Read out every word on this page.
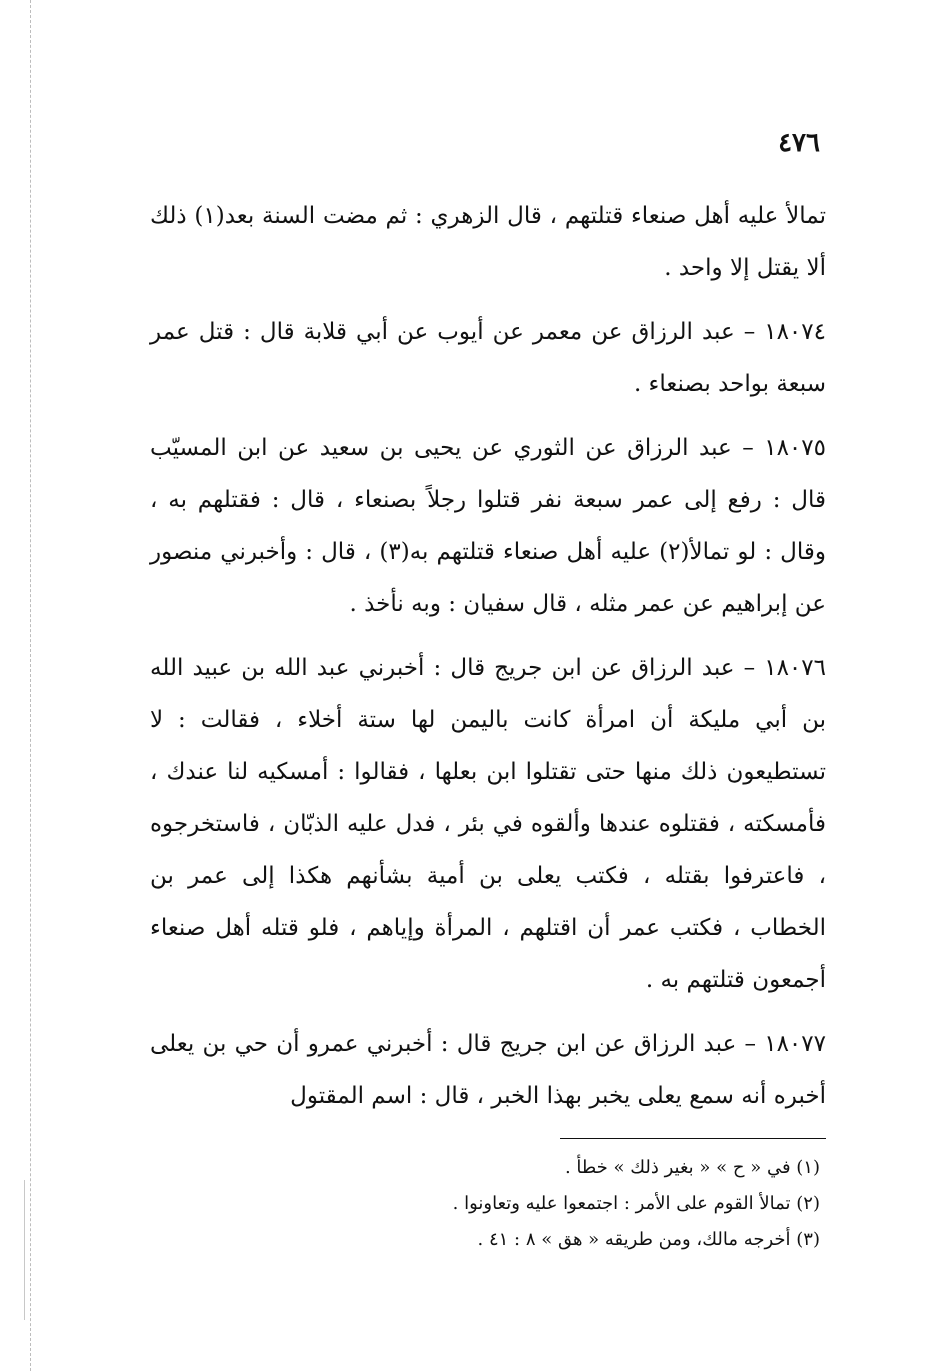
٤٧٦

تمالأ عليه أهل صنعاء قتلتهم ، قال الزهري : ثم مضت السنة بعد(١) ذلك ألا يقتل إلا واحد .

١٨٠٧٤ – عبد الرزاق عن معمر عن أيوب عن أبي قلابة قال : قتل عمر سبعة بواحد بصنعاء .

١٨٠٧٥ – عبد الرزاق عن الثوري عن يحيى بن سعيد عن ابن المسيّب قال : رفع إلى عمر سبعة نفر قتلوا رجلاً بصنعاء ، قال : فقتلهم به ، وقال : لو تمالأ(٢) عليه أهل صنعاء قتلتهم به(٣) ، قال : وأخبرني منصور عن إبراهيم عن عمر مثله ، قال سفيان : وبه نأخذ .

١٨٠٧٦ – عبد الرزاق عن ابن جريج قال : أخبرني عبد الله بن عبيد الله بن أبي مليكة أن امرأة كانت باليمن لها ستة أخلاء ، فقالت : لا تستطيعون ذلك منها حتى تقتلوا ابن بعلها ، فقالوا : أمسكيه لنا عندك ، فأمسكته ، فقتلوه عندها وألقوه في بئر ، فدل عليه الذبّان ، فاستخرجوه ، فاعترفوا بقتله ، فكتب يعلى بن أمية بشأنهم هكذا إلى عمر بن الخطاب ، فكتب عمر أن اقتلهم ، المرأة وإياهم ، فلو قتله أهل صنعاء أجمعون قتلتهم به .

١٨٠٧٧ – عبد الرزاق عن ابن جريج قال : أخبرني عمرو أن حي بن يعلى أخبره أنه سمع يعلى يخبر بهذا الخبر ، قال : اسم المقتول

(١) في « ح » « بغير ذلك » خطأ .
(٢) تمالأ القوم على الأمر : اجتمعوا عليه وتعاونوا .
(٣) أخرجه مالك، ومن طريقه « هق » ٨ : ٤١ .
